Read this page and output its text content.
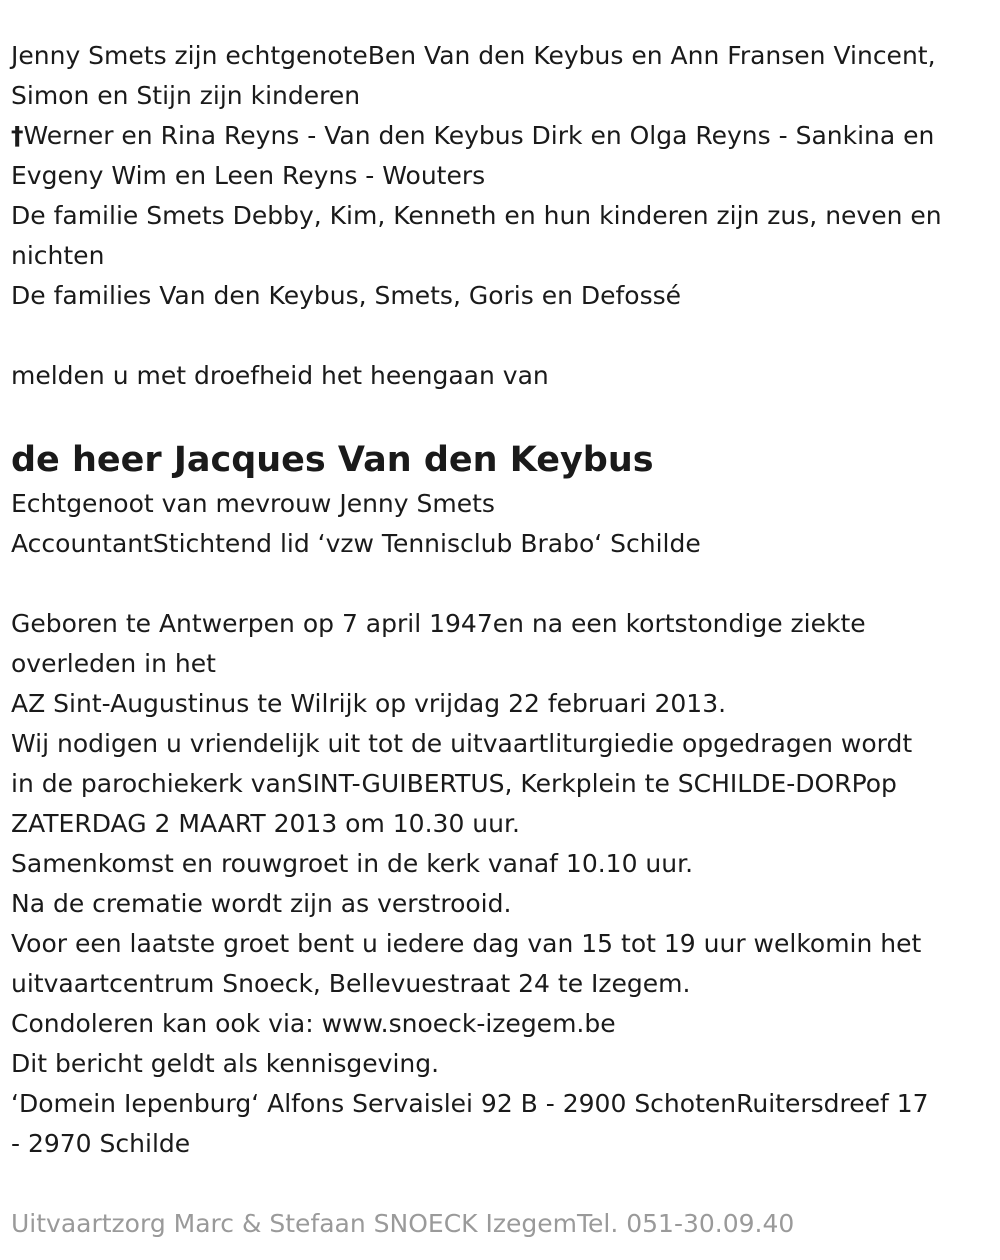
Jenny Smets zijn echtgenoteBen Van den Keybus en Ann Fransen Vincent,

Simon en Stijn zijn kinderen

†Werner en Rina Reyns - Van den Keybus Dirk en Olga Reyns - Sankina en

Evgeny Wim en Leen Reyns - Wouters

De familie Smets Debby, Kim, Kenneth en hun kinderen zijn zus, neven en

nichten

De families Van den Keybus, Smets, Goris en Defossé

melden u met droefheid het heengaan van

de heer Jacques Van den Keybus

Echtgenoot van mevrouw Jenny Smets

AccountantStichtend lid ‘vzw Tennisclub Brabo‘ Schilde

Geboren te Antwerpen op 7 april 1947en na een kortstondige ziekte

overleden in het

AZ Sint-Augustinus te Wilrijk op vrijdag 22 februari 2013.

Wij nodigen u vriendelijk uit tot de uitvaartliturgiedie opgedragen wordt

in de parochiekerk vanSINT-GUIBERTUS, Kerkplein te SCHILDE-DORPop

ZATERDAG 2 MAART 2013 om 10.30 uur.

Samenkomst en rouwgroet in de kerk vanaf 10.10 uur.

Na de crematie wordt zijn as verstrooid.

Voor een laatste groet bent u iedere dag van 15 tot 19 uur welkomin het

uitvaartcentrum Snoeck, Bellevuestraat 24 te Izegem.

Condoleren kan ook via: www.snoeck-izegem.be

Dit bericht geldt als kennisgeving.

‘Domein Iepenburg‘ Alfons Servaislei 92 B - 2900 SchotenRuitersdreef 17

- 2970 Schilde

Uitvaartzorg Marc & Stefaan SNOECK IzegemTel. 051-30.09.40
